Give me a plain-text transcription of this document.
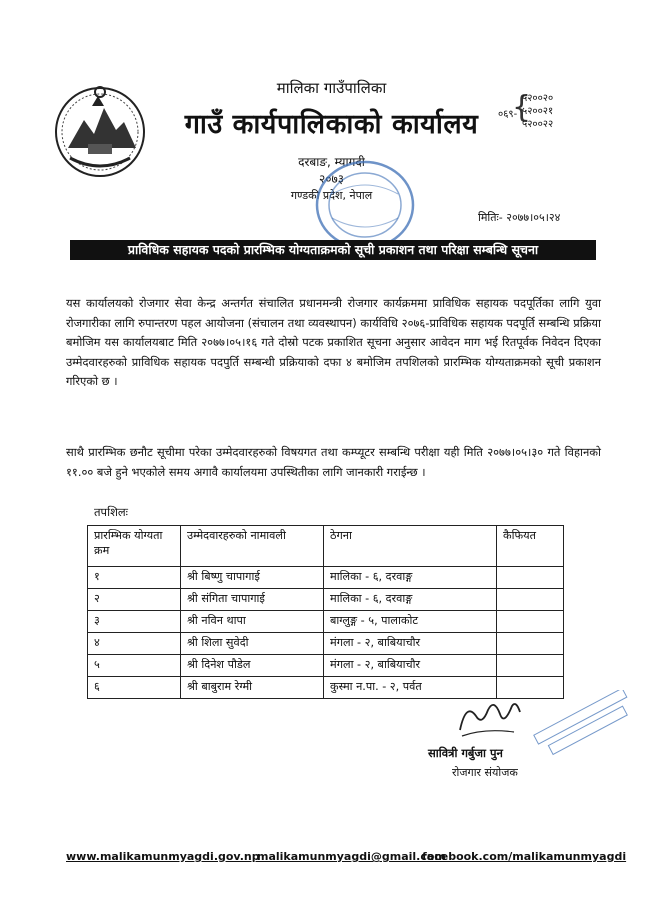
मालिका गाउँपालिका
गाउँ कार्यपालिकाको कार्यालय	०६९-
{
५२००२०
५२००२१
५२००२२
दरबाङ, म्यागदी
२०७३
गण्डकी प्रदेश, नेपाल
मितिः- २०७७।०५।२४
प्राविधिक सहायक पदको प्रारम्भिक योग्यताक्रमको सूची प्रकाशन तथा परिक्षा सम्बन्धि सूचना
यस कार्यालयको रोजगार सेवा केन्द्र अन्तर्गत संचालित प्रधानमन्त्री रोजगार कार्यक्रममा प्राविधिक सहायक पदपूर्तिका लागि युवा रोजगारीका लागि रुपान्तरण पहल आयोजना (संचालन तथा व्यवस्थापन) कार्यविधि २०७६-प्राविधिक सहायक पदपूर्ति सम्बन्धि प्रक्रिया बमोजिम यस कार्यालयबाट मिति २०७७।०५।१६ गते दोस्रो पटक प्रकाशित सूचना अनुसार आवेदन माग भई रितपूर्वक निवेदन दिएका उम्मेदवारहरुको प्राविधिक सहायक पदपुर्ति सम्बन्धी प्रक्रियाको दफा ४ बमोजिम तपशिलको प्रारम्भिक योग्यताक्रमको सूची प्रकाशन गरिएको छ ।
साथै प्रारम्भिक छनौट सूचीमा परेका उम्मेदवारहरुको विषयगत तथा कम्प्यूटर सम्बन्धि परीक्षा यही मिति २०७७।०५।३० गते विहानको ११.०० बजे हुने भएकोले समय अगावै कार्यालयमा उपस्थितीका लागि जानकारी गराईन्छ ।
तपशिलः
प्रारम्भिक योग्यता क्रम	उम्मेदवारहरुको नामावली	ठेगना	कैफियत
१	श्री बिष्णु चापागाई	मालिका - ६, दरवाङ्ग	
२	श्री संगिता चापागाई	मालिका - ६, दरवाङ्ग	
३	श्री नविन थापा	बाग्लुङ्ग - ५, पालाकोट	
४	श्री शिला सुवेदी	मंगला - २, बाबियाचौर	
५	श्री दिनेश पौडेल	मंगला - २, बाबियाचौर	
६	श्री बाबुराम रेग्मी	कुस्मा न.पा. - २, पर्वत	
सावित्री गर्बुजा पुन
रोजगार संयोजक
www.malikamunmyagdi.gov.np
malikamunmyagdi@gmail.com
facebook.com/malikamunmyagdi
